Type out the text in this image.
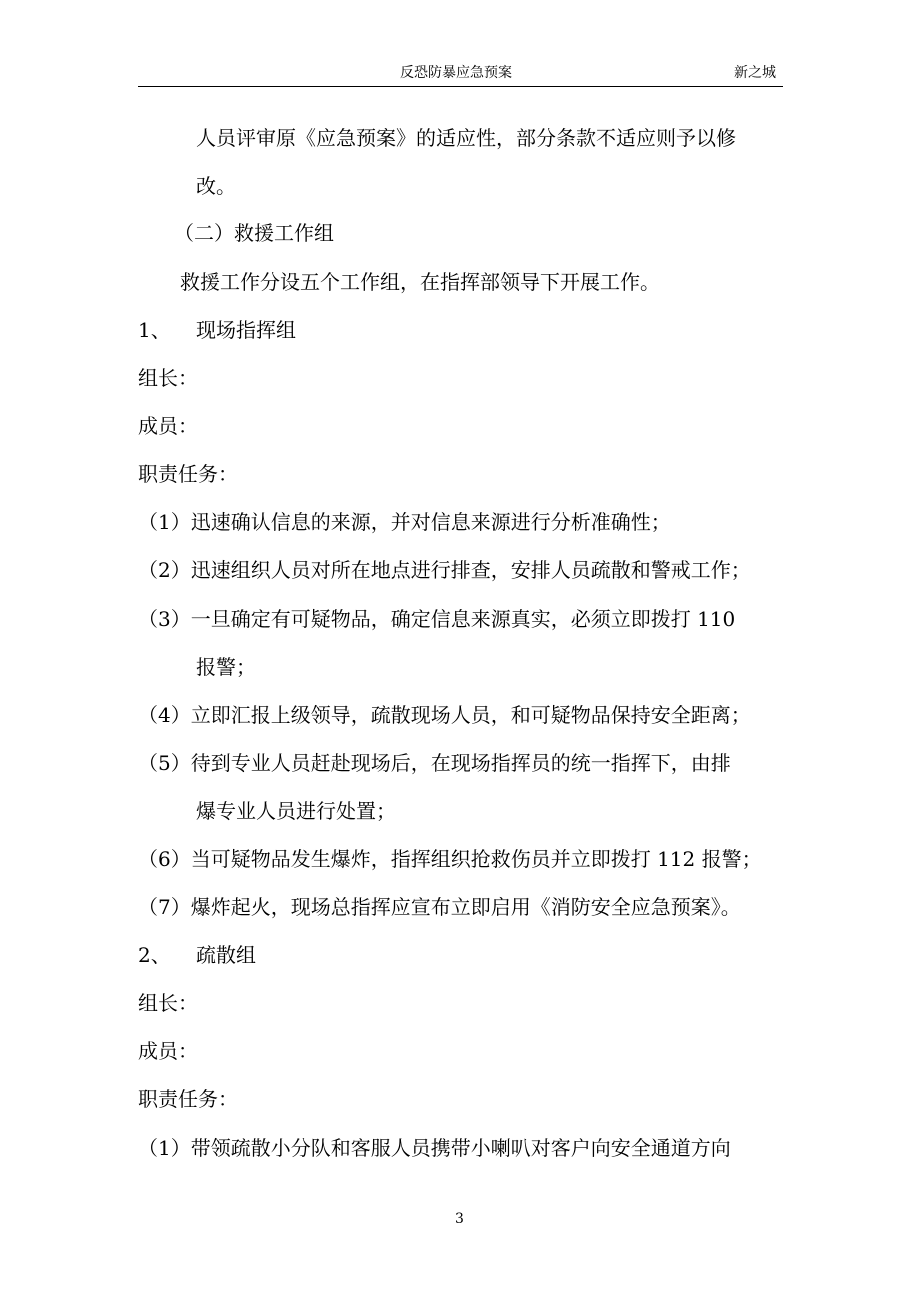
反恐防暴应急预案	新之城
人员评审原《应急预案》的适应性，部分条款不适应则予以修
改。
（二）救援工作组
救援工作分设五个工作组，在指挥部领导下开展工作。
1、 现场指挥组
组长：
成员：
职责任务：
（1）迅速确认信息的来源，并对信息来源进行分析准确性；
（2）迅速组织人员对所在地点进行排查，安排人员疏散和警戒工作；
（3）一旦确定有可疑物品，确定信息来源真实，必须立即拨打 110
报警；
（4）立即汇报上级领导，疏散现场人员，和可疑物品保持安全距离；
（5）待到专业人员赶赴现场后，在现场指挥员的统一指挥下，由排
爆专业人员进行处置；
（6）当可疑物品发生爆炸，指挥组织抢救伤员并立即拨打 112 报警；
（7）爆炸起火，现场总指挥应宣布立即启用《消防安全应急预案》。
2、 疏散组
组长：
成员：
职责任务：
（1）带领疏散小分队和客服人员携带小喇叭对客户向安全通道方向
3
